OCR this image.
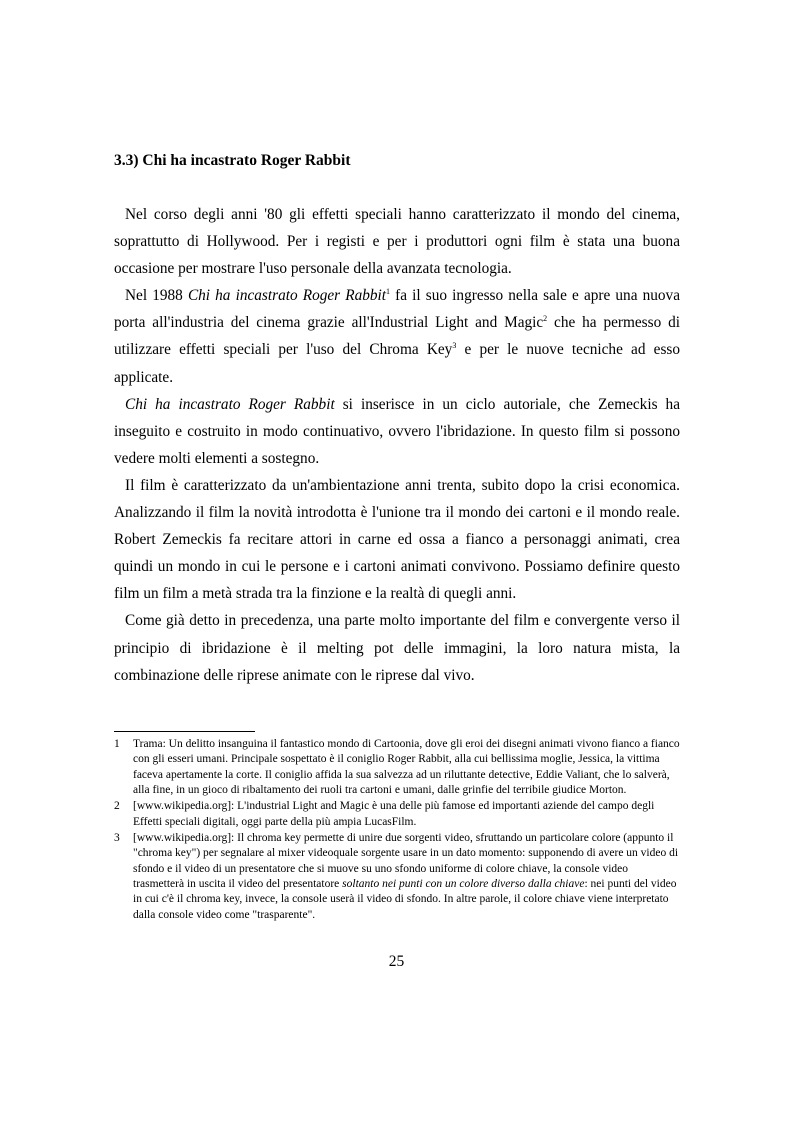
3.3) Chi ha incastrato Roger Rabbit

Nel corso degli anni '80 gli effetti speciali hanno caratterizzato il mondo del cinema, soprattutto di Hollywood. Per i registi e per i produttori ogni film è stata una buona occasione per mostrare l'uso personale della avanzata tecnologia.

Nel 1988 Chi ha incastrato Roger Rabbit$^1$ fa il suo ingresso nella sale e apre una nuova porta all'industria del cinema grazie all'Industrial Light and Magic$^2$ che ha permesso di utilizzare effetti speciali per l'uso del Chroma Key$^3$ e per le nuove tecniche ad esso applicate.

Chi ha incastrato Roger Rabbit si inserisce in un ciclo autoriale, che Zemeckis ha inseguito e costruito in modo continuativo, ovvero l'ibridazione. In questo film si possono vedere molti elementi a sostegno.

Il film è caratterizzato da un'ambientazione anni trenta, subito dopo la crisi economica. Analizzando il film la novità introdotta è l'unione tra il mondo dei cartoni e il mondo reale. Robert Zemeckis fa recitare attori in carne ed ossa a fianco a personaggi animati, crea quindi un mondo in cui le persone e i cartoni animati convivono. Possiamo definire questo film un film a metà strada tra la finzione e la realtà di quegli anni.

Come già detto in precedenza, una parte molto importante del film e convergente verso il principio di ibridazione è il melting pot delle immagini, la loro natura mista, la combinazione delle riprese animate con le riprese dal vivo.

1	Trama: Un delitto insanguina il fantastico mondo di Cartoonia, dove gli eroi dei disegni animati vivono fianco a fianco con gli esseri umani. Principale sospettato è il coniglio Roger Rabbit, alla cui bellissima moglie, Jessica, la vittima faceva apertamente la corte. Il coniglio affida la sua salvezza ad un riluttante detective, Eddie Valiant, che lo salverà, alla fine, in un gioco di ribaltamento dei ruoli tra cartoni e umani, dalle grinfie del terribile giudice Morton.
2	[www.wikipedia.org]: L'industrial Light and Magic è una delle più famose ed importanti aziende del campo degli Effetti speciali digitali, oggi parte della più ampia LucasFilm.
3	[www.wikipedia.org]: Il chroma key permette di unire due sorgenti video, sfruttando un particolare colore (appunto il "chroma key") per segnalare al mixer videoquale sorgente usare in un dato momento: supponendo di avere un video di sfondo e il video di un presentatore che si muove su uno sfondo uniforme di colore chiave, la console video trasmetterà in uscita il video del presentatore soltanto nei punti con un colore diverso dalla chiave: nei punti del video in cui c'è il chroma key, invece, la console userà il video di sfondo. In altre parole, il colore chiave viene interpretato dalla console video come "trasparente".
25
